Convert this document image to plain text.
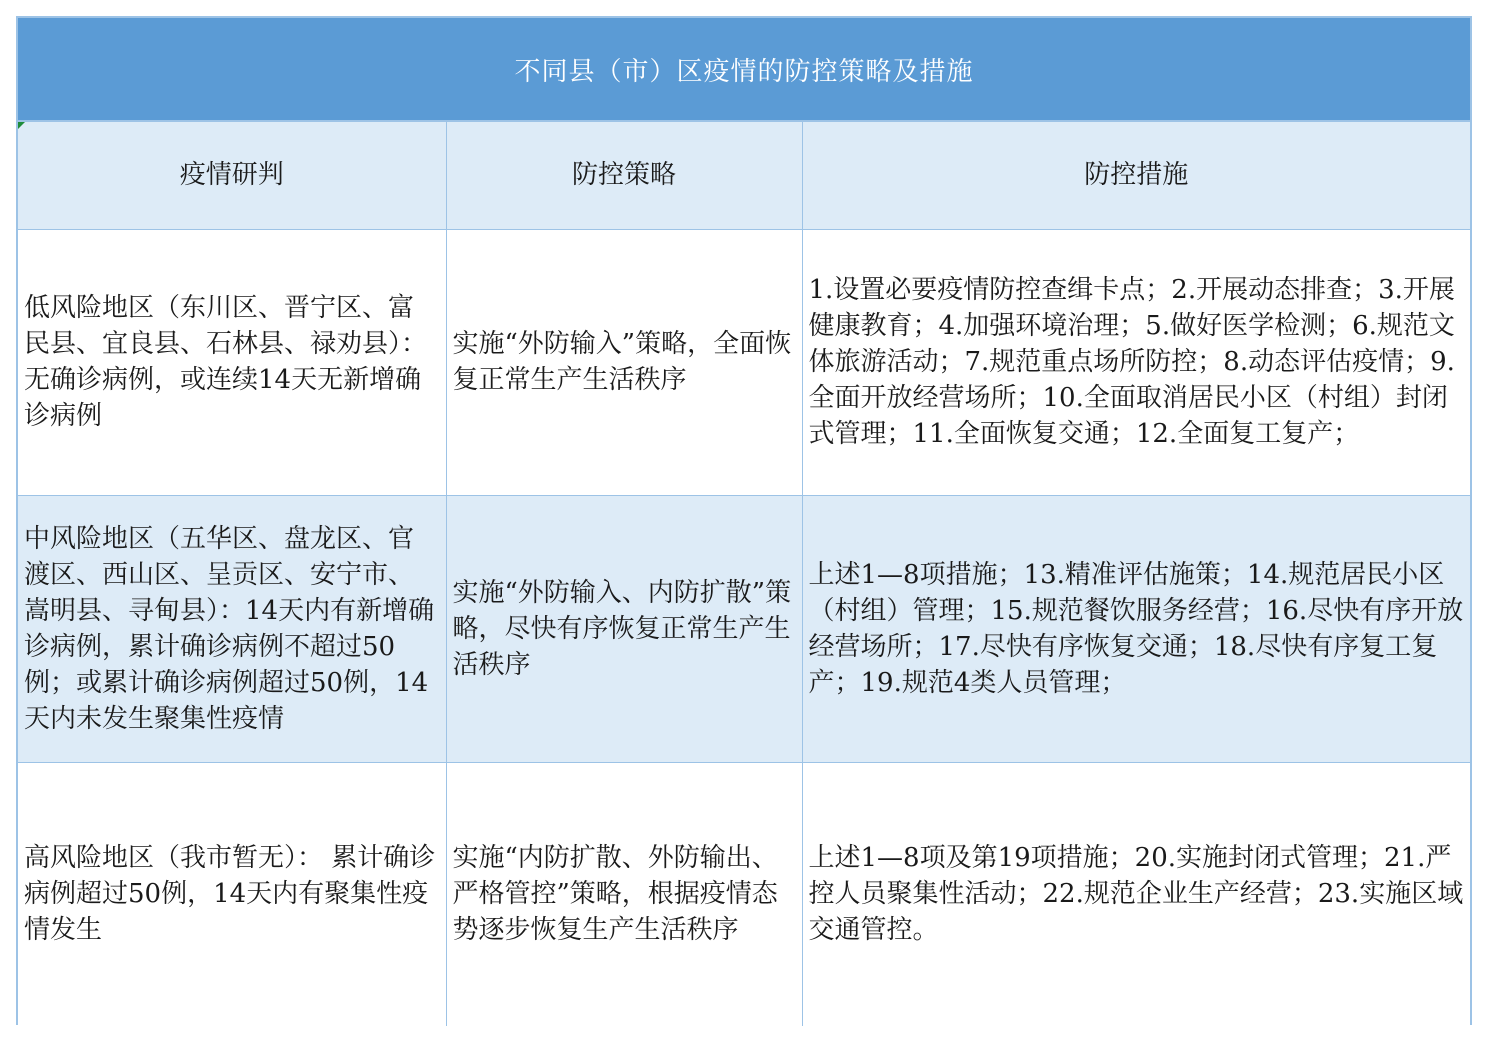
不同县（市）区疫情的防控策略及措施
疫情研判	防控策略	防控措施
低风险地区（东川区、晋宁区、富民县、宜良县、石林县、禄劝县）： 无确诊病例，或连续14天无新增确诊病例	实施“外防输入”策略，全面恢复正常生产生活秩序	1.设置必要疫情防控查缉卡点；2.开展动态排查；3.开展健康教育；4.加强环境治理；5.做好医学检测；6.规范文体旅游活动；7.规范重点场所防控；8.动态评估疫情；9.全面开放经营场所；10.全面取消居民小区（村组）封闭式管理；11.全面恢复交通；12.全面复工复产；
中风险地区（五华区、盘龙区、官渡区、西山区、呈贡区、安宁市、嵩明县、寻甸县）：14天内有新增确诊病例，累计确诊病例不超过50例；或累计确诊病例超过50例，14天内未发生聚集性疫情	实施“外防输入、内防扩散”策略，尽快有序恢复正常生产生活秩序	上述1—8项措施；13.精准评估施策；14.规范居民小区（村组）管理；15.规范餐饮服务经营；16.尽快有序开放经营场所；17.尽快有序恢复交通；18.尽快有序复工复产；19.规范4类人员管理；
高风险地区（我市暂无）： 累计确诊病例超过50例，14天内有聚集性疫情发生	实施“内防扩散、外防输出、严格管控”策略，根据疫情态势逐步恢复生产生活秩序	上述1—8项及第19项措施；20.实施封闭式管理；21.严控人员聚集性活动；22.规范企业生产经营；23.实施区域交通管控。
